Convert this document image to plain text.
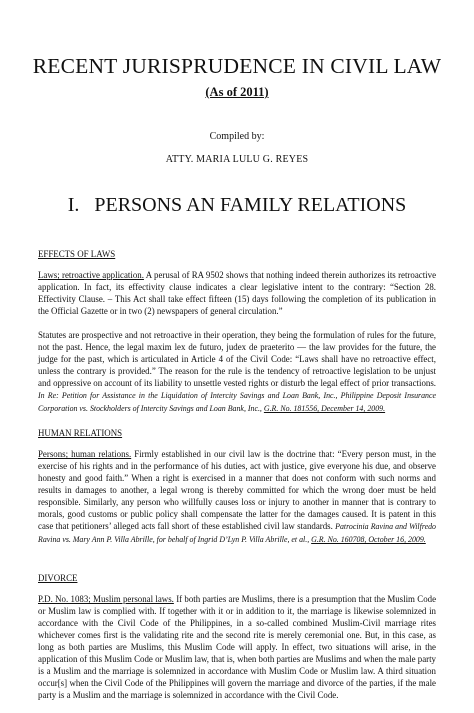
RECENT JURISPRUDENCE IN CIVIL LAW
(As of 2011)
Compiled by:
ATTY. MARIA LULU G. REYES
I.   PERSONS AN FAMILY RELATIONS
EFFECTS OF LAWS

Laws; retroactive application. A perusal of RA 9502 shows that nothing indeed therein authorizes its retroactive application. In fact, its effectivity clause indicates a clear legislative intent to the contrary: “Section 28. Effectivity Clause. – This Act shall take effect fifteen (15) days following the completion of its publication in the Official Gazette or in two (2) newspapers of general circulation.”

Statutes are prospective and not retroactive in their operation, they being the formulation of rules for the future, not the past. Hence, the legal maxim lex de futuro, judex de praeterito — the law provides for the future, the judge for the past, which is articulated in Article 4 of the Civil Code: “Laws shall have no retroactive effect, unless the contrary is provided.” The reason for the rule is the tendency of retroactive legislation to be unjust and oppressive on account of its liability to unsettle vested rights or disturb the legal effect of prior transactions. In Re: Petition for Assistance in the Liquidation of Intercity Savings and Loan Bank, Inc., Philippine Deposit Insurance Corporation vs. Stockholders of Intercity Savings and Loan Bank, Inc., G.R. No. 181556, December 14, 2009.

HUMAN RELATIONS

Persons; human relations. Firmly established in our civil law is the doctrine that: “Every person must, in the exercise of his rights and in the performance of his duties, act with justice, give everyone his due, and observe honesty and good faith.” When a right is exercised in a manner that does not conform with such norms and results in damages to another, a legal wrong is thereby committed for which the wrong doer must be held responsible. Similarly, any person who willfully causes loss or injury to another in manner that is contrary to morals, good customs or public policy shall compensate the latter for the damages caused. It is patent in this case that petitioners’ alleged acts fall short of these established civil law standards. Patrocinia Ravina and Wilfredo Ravina vs. Mary Ann P. Villa Abrille, for behalf of Ingrid D’Lyn P. Villa Abrille, et al., G.R. No. 160708, October 16, 2009.

DIVORCE

P.D. No. 1083; Muslim personal laws. If both parties are Muslims, there is a presumption that the Muslim Code or Muslim law is complied with. If together with it or in addition to it, the marriage is likewise solemnized in accordance with the Civil Code of the Philippines, in a so-called combined Muslim-Civil marriage rites whichever comes first is the validating rite and the second rite is merely ceremonial one. But, in this case, as long as both parties are Muslims, this Muslim Code will apply. In effect, two situations will arise, in the application of this Muslim Code or Muslim law, that is, when both parties are Muslims and when the male party is a Muslim and the marriage is solemnized in accordance with Muslim Code or Muslim law. A third situation occur[s] when the Civil Code of the Philippines will govern the marriage and divorce of the parties, if the male party is a Muslim and the marriage is solemnized in accordance with the Civil Code.
